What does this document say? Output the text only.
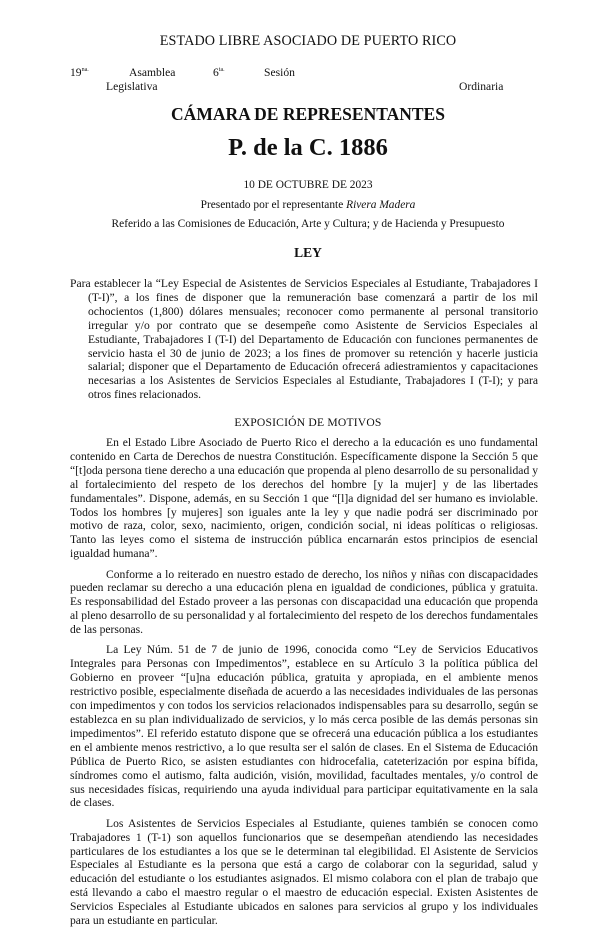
ESTADO LIBRE ASOCIADO DE PUERTO RICO
$19^{na.}$	Asamblea
Legislativa
$6^{ta.}$	Sesión
Ordinaria
CÁMARA DE REPRESENTANTES
P. de la C. 1886
10 DE OCTUBRE DE 2023
Presentado por el representante Rivera Madera
Referido a las Comisiones de Educación, Arte y Cultura; y de Hacienda y Presupuesto
LEY
Para establecer la “Ley Especial de Asistentes de Servicios Especiales al Estudiante, Trabajadores I (T-I)”, a los fines de disponer que la remuneración base comenzará a partir de los mil ochocientos (1,800) dólares mensuales; reconocer como permanente al personal transitorio irregular y/o por contrato que se desempeñe como Asistente de Servicios Especiales al Estudiante, Trabajadores I (T-I) del Departamento de Educación con funciones permanentes de servicio hasta el 30 de junio de 2023; a los fines de promover su retención y hacerle justicia salarial; disponer que el Departamento de Educación ofrecerá adiestramientos y capacitaciones necesarias a los Asistentes de Servicios Especiales al Estudiante, Trabajadores I (T-I); y para otros fines relacionados.
EXPOSICIÓN DE MOTIVOS

En el Estado Libre Asociado de Puerto Rico el derecho a la educación es uno fundamental contenido en Carta de Derechos de nuestra Constitución. Específicamente dispone la Sección 5 que “[t]oda persona tiene derecho a una educación que propenda al pleno desarrollo de su personalidad y al fortalecimiento del respeto de los derechos del hombre [y la mujer] y de las libertades fundamentales”. Dispone, además, en su Sección 1 que “[l]a dignidad del ser humano es inviolable. Todos los hombres [y mujeres] son iguales ante la ley y que nadie podrá ser discriminado por motivo de raza, color, sexo, nacimiento, origen, condición social, ni ideas políticas o religiosas. Tanto las leyes como el sistema de instrucción pública encarnarán estos principios de esencial igualdad humana”.

Conforme a lo reiterado en nuestro estado de derecho, los niños y niñas con discapacidades pueden reclamar su derecho a una educación plena en igualdad de condiciones, pública y gratuita. Es responsabilidad del Estado proveer a las personas con discapacidad una educación que propenda al pleno desarrollo de su personalidad y al fortalecimiento del respeto de los derechos fundamentales de las personas.

La Ley Núm. 51 de 7 de junio de 1996, conocida como “Ley de Servicios Educativos Integrales para Personas con Impedimentos”, establece en su Artículo 3 la política pública del Gobierno en proveer “[u]na educación pública, gratuita y apropiada, en el ambiente menos restrictivo posible, especialmente diseñada de acuerdo a las necesidades individuales de las personas con impedimentos y con todos los servicios relacionados indispensables para su desarrollo, según se establezca en su plan individualizado de servicios, y lo más cerca posible de las demás personas sin impedimentos”. El referido estatuto dispone que se ofrecerá una educación pública a los estudiantes en el ambiente menos restrictivo, a lo que resulta ser el salón de clases. En el Sistema de Educación Pública de Puerto Rico, se asisten estudiantes con hidrocefalia, cateterización por espina bífida, síndromes como el autismo, falta audición, visión, movilidad, facultades mentales, y/o control de sus necesidades físicas, requiriendo una ayuda individual para participar equitativamente en la sala de clases.

Los Asistentes de Servicios Especiales al Estudiante, quienes también se conocen como Trabajadores 1 (T-1) son aquellos funcionarios que se desempeñan atendiendo las necesidades particulares de los estudiantes a los que se le determinan tal elegibilidad. El Asistente de Servicios Especiales al Estudiante es la persona que está a cargo de colaborar con la seguridad, salud y educación del estudiante o los estudiantes asignados. El mismo colabora con el plan de trabajo que está llevando a cabo el maestro regular o el maestro de educación especial. Existen Asistentes de Servicios Especiales al Estudiante ubicados en salones para servicios al grupo y los individuales para un estudiante en particular.
